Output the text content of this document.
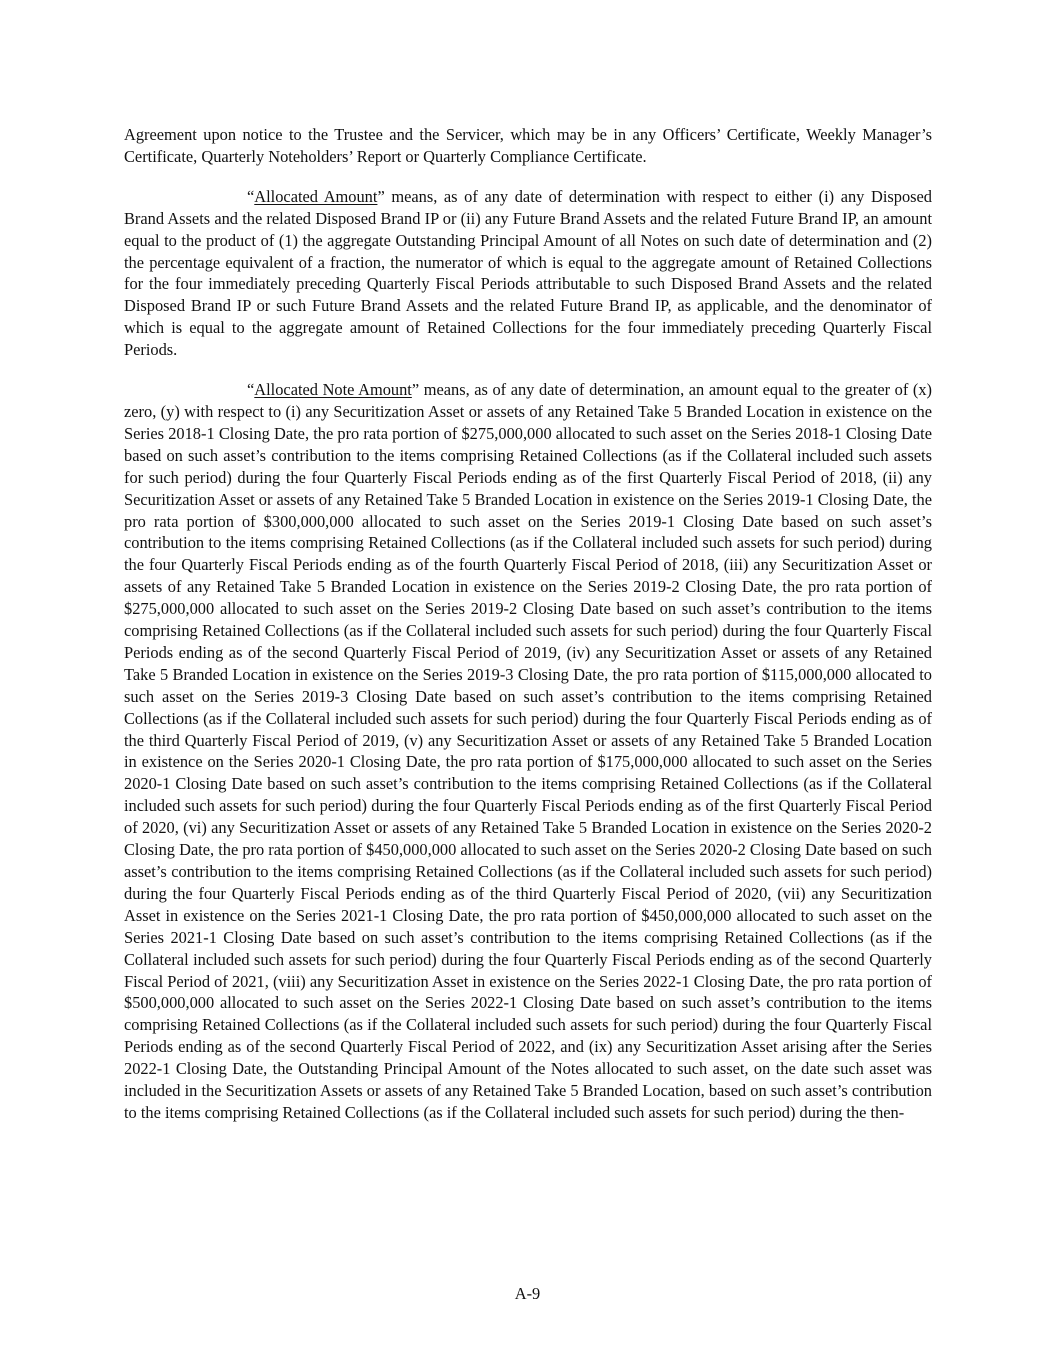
Agreement upon notice to the Trustee and the Servicer, which may be in any Officers’ Certificate, Weekly Manager’s Certificate, Quarterly Noteholders’ Report or Quarterly Compliance Certificate.

“Allocated Amount” means, as of any date of determination with respect to either (i) any Disposed Brand Assets and the related Disposed Brand IP or (ii) any Future Brand Assets and the related Future Brand IP, an amount equal to the product of (1) the aggregate Outstanding Principal Amount of all Notes on such date of determination and (2) the percentage equivalent of a fraction, the numerator of which is equal to the aggregate amount of Retained Collections for the four immediately preceding Quarterly Fiscal Periods attributable to such Disposed Brand Assets and the related Disposed Brand IP or such Future Brand Assets and the related Future Brand IP, as applicable, and the denominator of which is equal to the aggregate amount of Retained Collections for the four immediately preceding Quarterly Fiscal Periods.

“Allocated Note Amount” means, as of any date of determination, an amount equal to the greater of (x) zero, (y) with respect to (i) any Securitization Asset or assets of any Retained Take 5 Branded Location in existence on the Series 2018-1 Closing Date, the pro rata portion of $275,000,000 allocated to such asset on the Series 2018-1 Closing Date based on such asset’s contribution to the items comprising Retained Collections (as if the Collateral included such assets for such period) during the four Quarterly Fiscal Periods ending as of the first Quarterly Fiscal Period of 2018, (ii) any Securitization Asset or assets of any Retained Take 5 Branded Location in existence on the Series 2019-1 Closing Date, the pro rata portion of $300,000,000 allocated to such asset on the Series 2019-1 Closing Date based on such asset’s contribution to the items comprising Retained Collections (as if the Collateral included such assets for such period) during the four Quarterly Fiscal Periods ending as of the fourth Quarterly Fiscal Period of 2018, (iii) any Securitization Asset or assets of any Retained Take 5 Branded Location in existence on the Series 2019-2 Closing Date, the pro rata portion of $275,000,000 allocated to such asset on the Series 2019-2 Closing Date based on such asset’s contribution to the items comprising Retained Collections (as if the Collateral included such assets for such period) during the four Quarterly Fiscal Periods ending as of the second Quarterly Fiscal Period of 2019, (iv) any Securitization Asset or assets of any Retained Take 5 Branded Location in existence on the Series 2019-3 Closing Date, the pro rata portion of $115,000,000 allocated to such asset on the Series 2019-3 Closing Date based on such asset’s contribution to the items comprising Retained Collections (as if the Collateral included such assets for such period) during the four Quarterly Fiscal Periods ending as of the third Quarterly Fiscal Period of 2019, (v) any Securitization Asset or assets of any Retained Take 5 Branded Location in existence on the Series 2020-1 Closing Date, the pro rata portion of $175,000,000 allocated to such asset on the Series 2020-1 Closing Date based on such asset’s contribution to the items comprising Retained Collections (as if the Collateral included such assets for such period) during the four Quarterly Fiscal Periods ending as of the first Quarterly Fiscal Period of 2020, (vi) any Securitization Asset or assets of any Retained Take 5 Branded Location in existence on the Series 2020-2 Closing Date, the pro rata portion of $450,000,000 allocated to such asset on the Series 2020-2 Closing Date based on such asset’s contribution to the items comprising Retained Collections (as if the Collateral included such assets for such period) during the four Quarterly Fiscal Periods ending as of the third Quarterly Fiscal Period of 2020, (vii) any Securitization Asset in existence on the Series 2021-1 Closing Date, the pro rata portion of $450,000,000 allocated to such asset on the Series 2021-1 Closing Date based on such asset’s contribution to the items comprising Retained Collections (as if the Collateral included such assets for such period) during the four Quarterly Fiscal Periods ending as of the second Quarterly Fiscal Period of 2021, (viii) any Securitization Asset in existence on the Series 2022-1 Closing Date, the pro rata portion of $500,000,000 allocated to such asset on the Series 2022-1 Closing Date based on such asset’s contribution to the items comprising Retained Collections (as if the Collateral included such assets for such period) during the four Quarterly Fiscal Periods ending as of the second Quarterly Fiscal Period of 2022, and (ix) any Securitization Asset arising after the Series 2022-1 Closing Date, the Outstanding Principal Amount of the Notes allocated to such asset, on the date such asset was included in the Securitization Assets or assets of any Retained Take 5 Branded Location, based on such asset’s contribution to the items comprising Retained Collections (as if the Collateral included such assets for such period) during the then-

A-9
